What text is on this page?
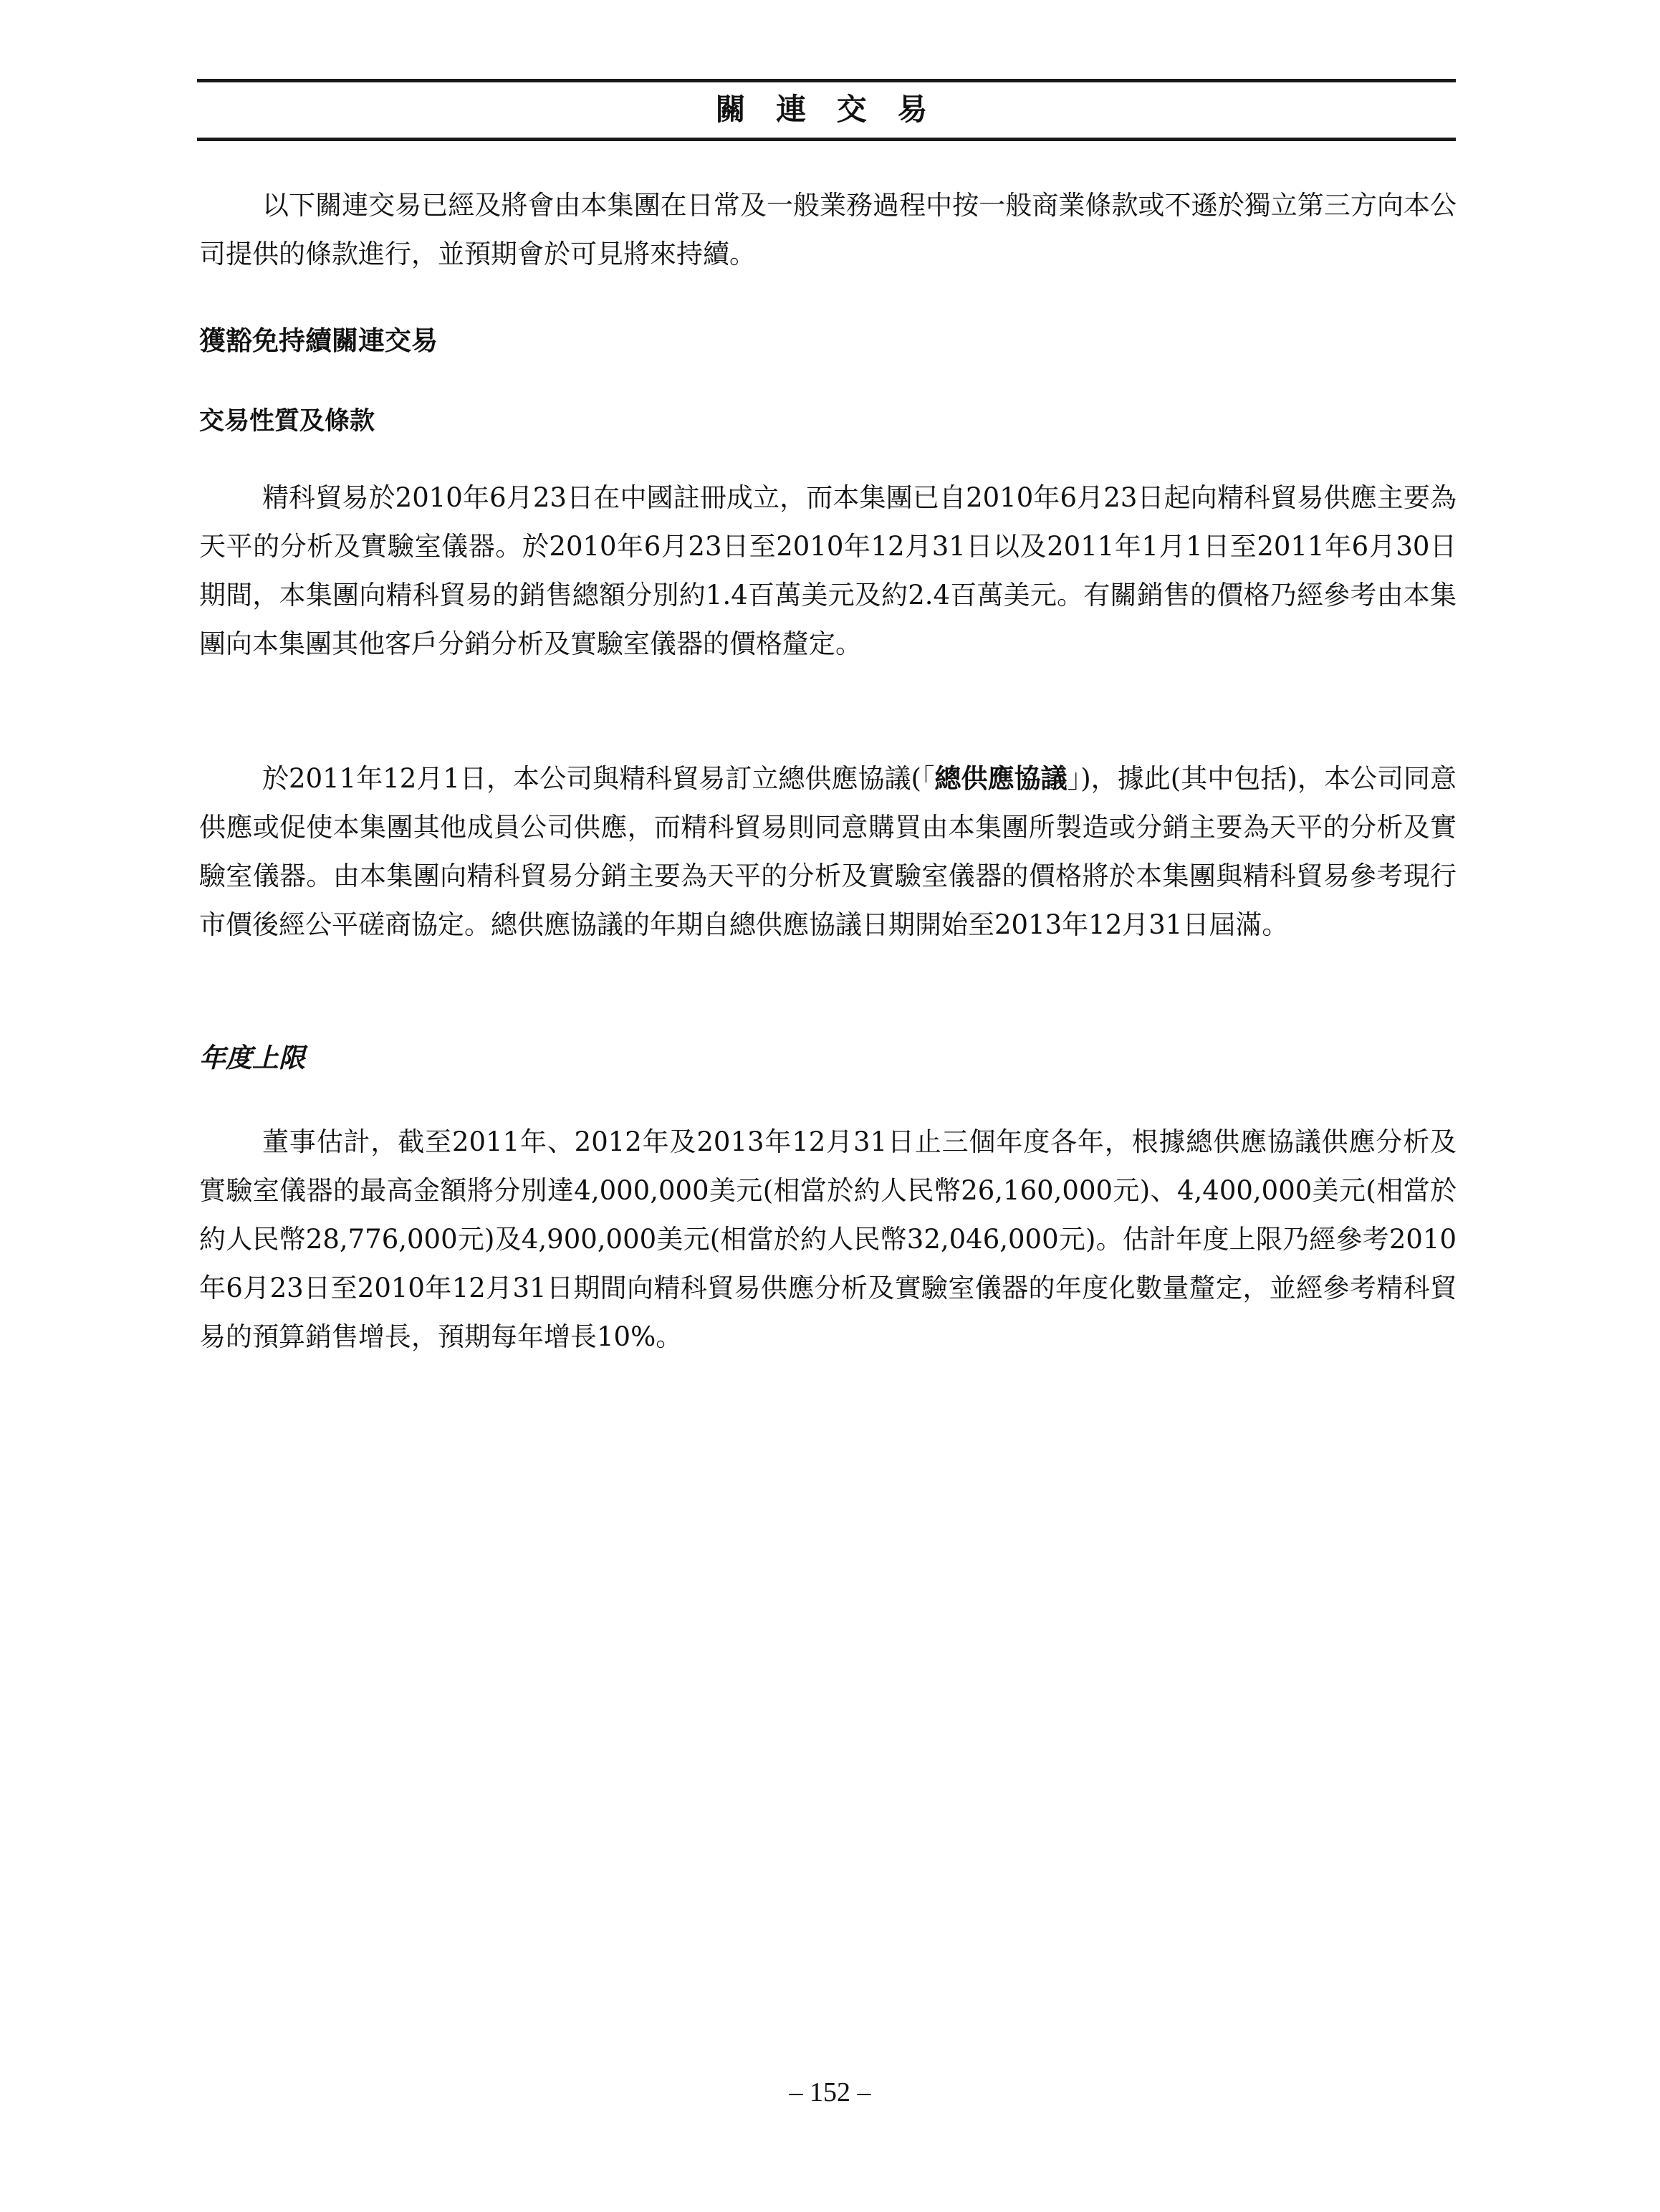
關 連 交 易

以下關連交易已經及將會由本集團在日常及一般業務過程中按一般商業條款或不遜於獨立第三方向本公司提供的條款進行，並預期會於可見將來持續。

獲豁免持續關連交易
交易性質及條款

精科貿易於2010年6月23日在中國註冊成立，而本集團已自2010年6月23日起向精科貿易供應主要為天平的分析及實驗室儀器。於2010年6月23日至2010年12月31日以及2011年1月1日至2011年6月30日期間，本集團向精科貿易的銷售總額分別約1.4百萬美元及約2.4百萬美元。有關銷售的價格乃經參考由本集團向本集團其他客戶分銷分析及實驗室儀器的價格釐定。

於2011年12月1日，本公司與精科貿易訂立總供應協議(「總供應協議」)，據此(其中包括)，本公司同意供應或促使本集團其他成員公司供應，而精科貿易則同意購買由本集團所製造或分銷主要為天平的分析及實驗室儀器。由本集團向精科貿易分銷主要為天平的分析及實驗室儀器的價格將於本集團與精科貿易參考現行市價後經公平磋商協定。總供應協議的年期自總供應協議日期開始至2013年12月31日屆滿。

年度上限

董事估計，截至2011年、2012年及2013年12月31日止三個年度各年，根據總供應協議供應分析及實驗室儀器的最高金額將分別達4,000,000美元(相當於約人民幣26,160,000元)、4,400,000美元(相當於約人民幣28,776,000元)及4,900,000美元(相當於約人民幣32,046,000元)。估計年度上限乃經參考2010年6月23日至2010年12月31日期間向精科貿易供應分析及實驗室儀器的年度化數量釐定，並經參考精科貿易的預算銷售增長，預期每年增長10%。

– 152 –
